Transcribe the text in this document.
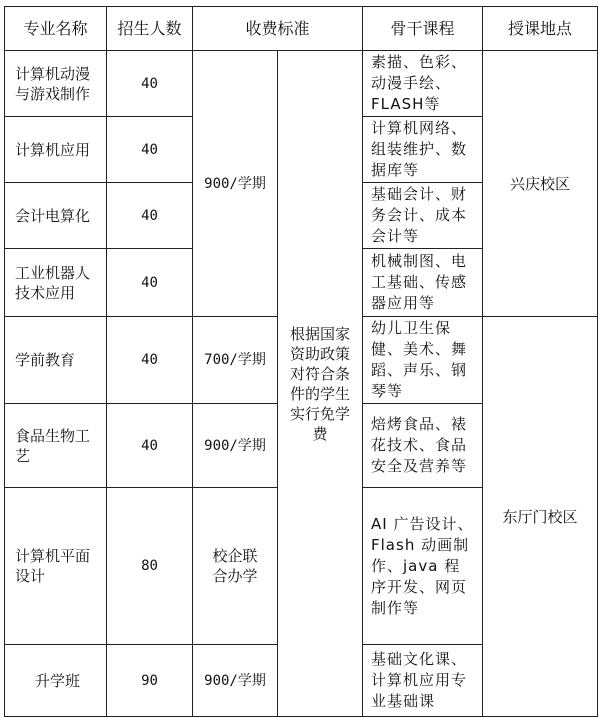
专业名称	招生人数	收费标准		骨干课程	授课地点
计算机动漫与游戏制作	40	900/学期	根据国家资助政策对符合条件的学生实行免学费	素描、色彩、动漫手绘、FLASH等	兴庆校区
计算机应用	40			计算机网络、组装维护、数据库等	
会计电算化	40			基础会计、财务会计、成本会计等	
工业机器人技术应用	40			机械制图、电工基础、传感器应用等	
学前教育	40	700/学期		幼儿卫生保健、美术、舞蹈、声乐、钢琴等	东厅门校区
食品生物工艺	40	900/学期		焙烤食品、裱花技术、食品安全及营养等	
计算机平面设计	80	校企联合办学		AI 广告设计、Flash 动画制作、java 程序开发、网页制作等	
升学班	90	900/学期		基础文化课、计算机应用专业基础课	
